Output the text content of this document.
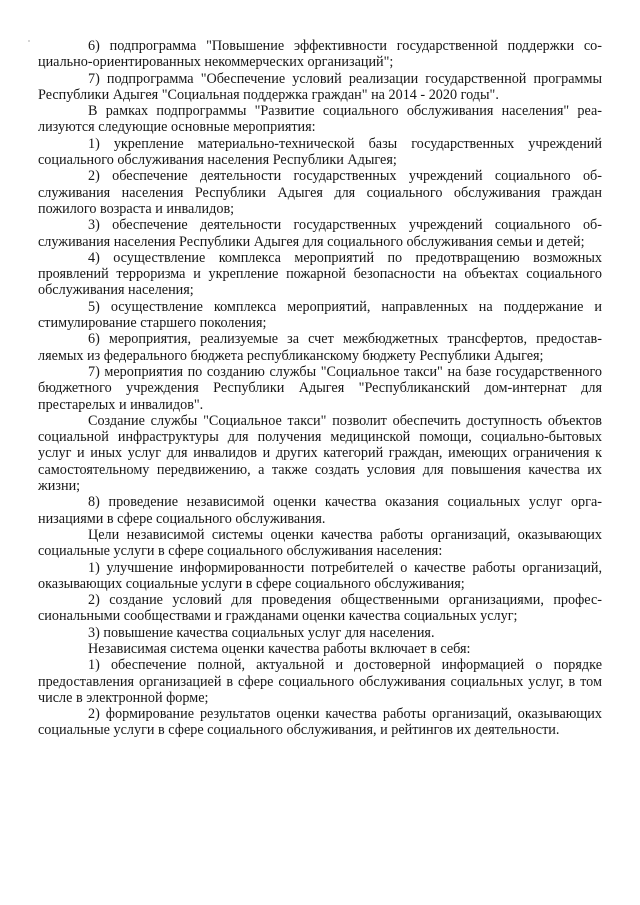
6) подпрограмма "Повышение эффективности государственной поддержки социально-ориентированных некоммерческих организаций";

7) подпрограмма "Обеспечение условий реализации государственной программы Республики Адыгея "Социальная поддержка граждан" на 2014 - 2020 годы".

В рамках подпрограммы "Развитие социального обслуживания населения" реализуются следующие основные мероприятия:

1) укрепление материально-технической базы государственных учреждений социального обслуживания населения Республики Адыгея;

2) обеспечение деятельности государственных учреждений социального обслуживания населения Республики Адыгея для социального обслуживания граждан пожилого возраста и инвалидов;

3) обеспечение деятельности государственных учреждений социального обслуживания населения Республики Адыгея для социального обслуживания семьи и детей;

4) осуществление комплекса мероприятий по предотвращению возможных проявлений терроризма и укрепление пожарной безопасности на объектах социального обслуживания населения;

5) осуществление комплекса мероприятий, направленных на поддержание и стимулирование старшего поколения;

6) мероприятия, реализуемые за счет межбюджетных трансфертов, предоставляемых из федерального бюджета республиканскому бюджету Республики Адыгея;

7) мероприятия по созданию службы "Социальное такси" на базе государственного бюджетного учреждения Республики Адыгея "Республиканский дом-интернат для престарелых и инвалидов".

Создание службы "Социальное такси" позволит обеспечить доступность объектов социальной инфраструктуры для получения медицинской помощи, социально-бытовых услуг и иных услуг для инвалидов и других категорий граждан, имеющих ограничения к самостоятельному передвижению, а также создать условия для повышения качества их жизни;

8) проведение независимой оценки качества оказания социальных услуг организациями в сфере социального обслуживания.

Цели независимой системы оценки качества работы организаций, оказывающих социальные услуги в сфере социального обслуживания населения:

1) улучшение информированности потребителей о качестве работы организаций, оказывающих социальные услуги в сфере социального обслуживания;

2) создание условий для проведения общественными организациями, профессиональными сообществами и гражданами оценки качества социальных услуг;

3) повышение качества социальных услуг для населения.

Независимая система оценки качества работы включает в себя:

1) обеспечение полной, актуальной и достоверной информацией о порядке предоставления организацией в сфере социального обслуживания социальных услуг, в том числе в электронной форме;

2) формирование результатов оценки качества работы организаций, оказывающих социальные услуги в сфере социального обслуживания, и рейтингов их деятельности.
